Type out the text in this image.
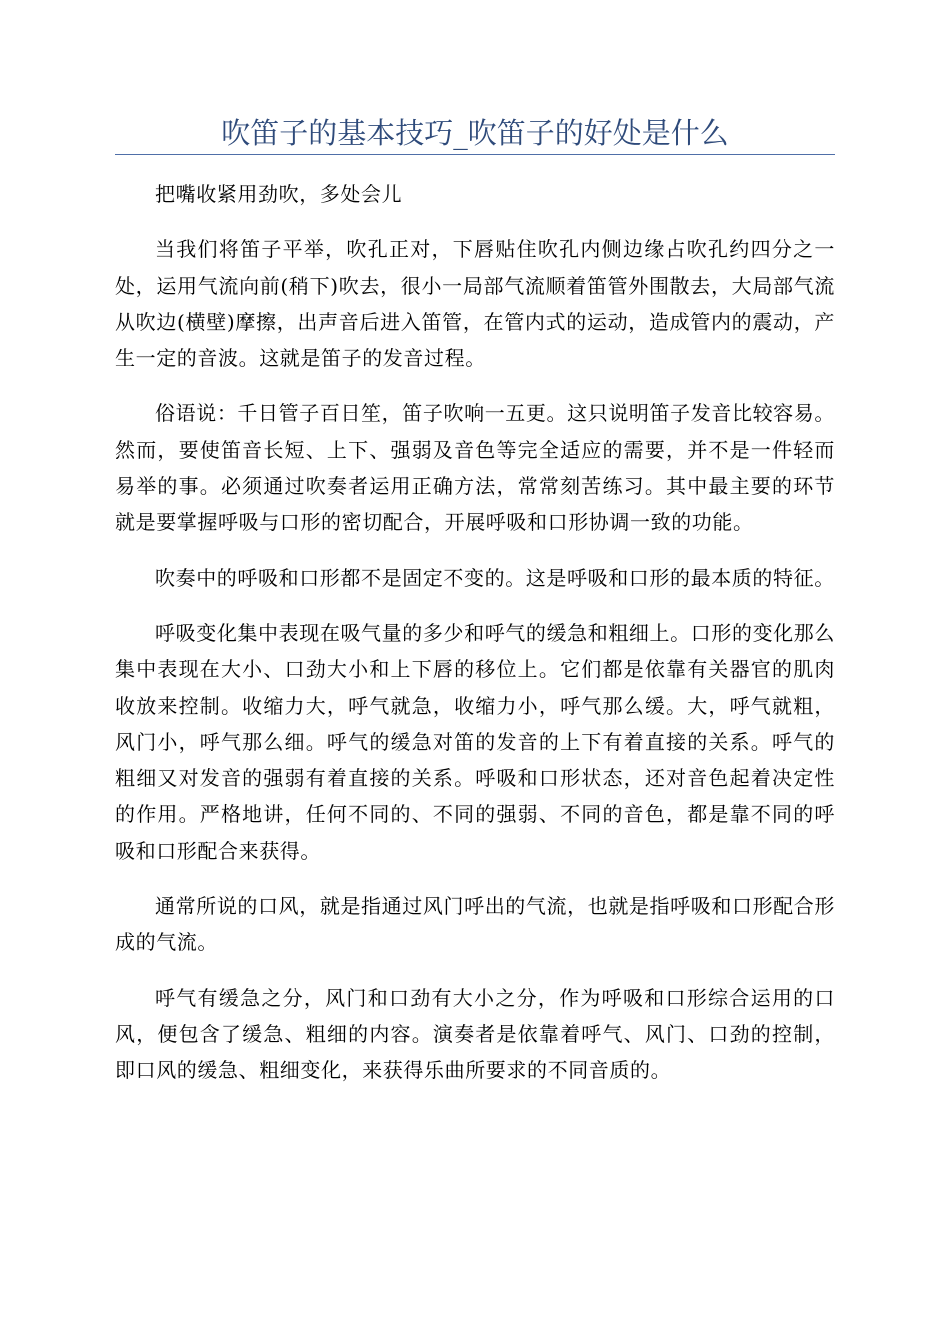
吹笛子的基本技巧_吹笛子的好处是什么

把嘴收紧用劲吹，多处会儿

当我们将笛子平举，吹孔正对，下唇贴住吹孔内侧边缘占吹孔约四分之一处，运用气流向前(稍下)吹去，很小一局部气流顺着笛管外围散去，大局部气流从吹边(横壁)摩擦，出声音后进入笛管，在管内式的运动，造成管内的震动，产生一定的音波。这就是笛子的发音过程。

俗语说：千日管子百日笙，笛子吹响一五更。这只说明笛子发音比较容易。然而，要使笛音长短、上下、强弱及音色等完全适应的需要，并不是一件轻而易举的事。必须通过吹奏者运用正确方法，常常刻苦练习。其中最主要的环节就是要掌握呼吸与口形的密切配合，开展呼吸和口形协调一致的功能。

吹奏中的呼吸和口形都不是固定不变的。这是呼吸和口形的最本质的特征。

呼吸变化集中表现在吸气量的多少和呼气的缓急和粗细上。口形的变化那么集中表现在大小、口劲大小和上下唇的移位上。它们都是依靠有关器官的肌肉收放来控制。收缩力大，呼气就急，收缩力小，呼气那么缓。大，呼气就粗，风门小，呼气那么细。呼气的缓急对笛的发音的上下有着直接的关系。呼气的粗细又对发音的强弱有着直接的关系。呼吸和口形状态，还对音色起着决定性的作用。严格地讲，任何不同的、不同的强弱、不同的音色，都是靠不同的呼吸和口形配合来获得。

通常所说的口风，就是指通过风门呼出的气流，也就是指呼吸和口形配合形成的气流。

呼气有缓急之分，风门和口劲有大小之分，作为呼吸和口形综合运用的口风，便包含了缓急、粗细的内容。演奏者是依靠着呼气、风门、口劲的控制，即口风的缓急、粗细变化，来获得乐曲所要求的不同音质的。
